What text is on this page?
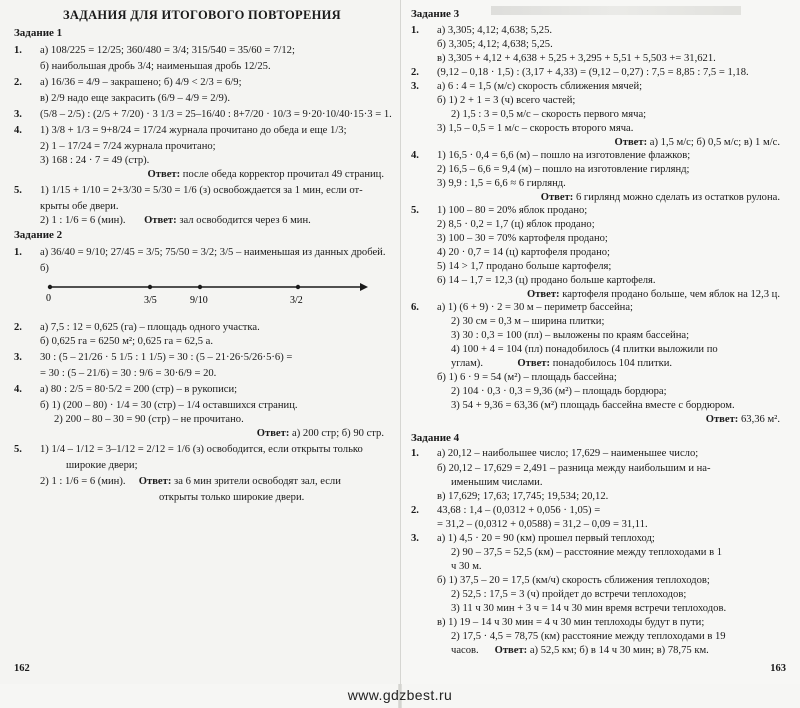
ЗАДАНИЯ ДЛЯ ИТОГОВОГО ПОВТОРЕНИЯ
Задание 1
1. а) 108/225 = 12/25; 360/480 = 3/4; 315/540 = 35/60 = 7/12;
б) наибольшая дробь 3/4; наименьшая дробь 12/25.
2. а) 16/36 = 4/9 – закрашено; б) 4/9 < 2/3 = 6/9;
в) 2/9 надо еще закрасить (6/9 – 4/9 = 2/9).
3. (5/8 – 2/5) : (2/5 + 7/20) · 3 1/3 = 25–16/40 : 8+7/20 · 10/3 = 9·20·10/40·15·3 = 1.
4. 1) 3/8 + 1/3 = 9+8/24 = 17/24 журнала прочитано до обеда и еще 1/3;
2) 1 – 17/24 = 7/24 журнала прочитано;
3) 168 : 24 · 7 = 49 (стр).
Ответ: после обеда корректор прочитал 49 страниц.
5. 1) 1/15 + 1/10 = 2+3/30 = 5/30 = 1/6 (з) освобождается за 1 мин, если от-
крыты обе двери.
2) 1 : 1/6 = 6 (мин). Ответ: зал освободится через 6 мин.
Задание 2
1. а) 36/40 = 9/10; 27/45 = 3/5; 75/50 = 3/2; 3/5 – наименьшая из данных дробей.
б)
0	3/5	9/10	3/2
2. а) 7,5 : 12 = 0,625 (га) – площадь одного участка.
б) 0,625 га = 6250 м²; 0,625 га = 62,5 а.
3. 30 : (5 – 21/26 · 5 1/5 : 1 1/5) = 30 : (5 – 21·26·5/26·5·6) =
= 30 : (5 – 21/6) = 30 : 9/6 = 30·6/9 = 20.
4. а) 80 : 2/5 = 80·5/2 = 200 (стр) – в рукописи;
б) 1) (200 – 80) · 1/4 = 30 (стр) – 1/4 оставшихся страниц.
2) 200 – 80 – 30 = 90 (стр) – не прочитано.
Ответ: а) 200 стр; б) 90 стр.
5. 1) 1/4 – 1/12 = 3–1/12 = 2/12 = 1/6 (з) освободится, если открыты только
широкие двери;
2) 1 : 1/6 = 6 (мин). Ответ: за 6 мин зрители освободят зал, если
открыты только широкие двери.
162
Задание 3
1. а) 3,305; 4,12; 4,638; 5,25.
б) 3,305; 4,12; 4,638; 5,25.
в) 3,305 + 4,12 + 4,638 + 5,25 + 3,295 + 5,51 + 5,503 += 31,621.
2. (9,12 – 0,18 · 1,5) : (3,17 + 4,33) = (9,12 – 0,27) : 7,5 = 8,85 : 7,5 = 1,18.
3. а) 6 : 4 = 1,5 (м/с) скорость сближения мячей;
б) 1) 2 + 1 = 3 (ч) всего частей;
2) 1,5 : 3 = 0,5 м/с – скорость первого мяча;
3) 1,5 – 0,5 = 1 м/с – скорость второго мяча.
Ответ: а) 1,5 м/с; б) 0,5 м/с; в) 1 м/с.
4. 1) 16,5 · 0,4 = 6,6 (м) – пошло на изготовление флажков;
2) 16,5 – 6,6 = 9,4 (м) – пошло на изготовление гирлянд;
3) 9,9 : 1,5 = 6,6 ≈ 6 гирлянд.
Ответ: 6 гирлянд можно сделать из остатков рулона.
5. 1) 100 – 80 = 20% яблок продано;
2) 8,5 · 0,2 = 1,7 (ц) яблок продано;
3) 100 – 30 = 70% картофеля продано;
4) 20 · 0,7 = 14 (ц) картофеля продано;
5) 14 > 1,7 продано больше картофеля;
6) 14 – 1,7 = 12,3 (ц) продано больше картофеля.
Ответ: картофеля продано больше, чем яблок на 12,3 ц.
6. а) 1) (6 + 9) · 2 = 30 м – периметр бассейна;
2) 30 см = 0,3 м – ширина плитки;
3) 30 : 0,3 = 100 (пл) – выложены по краям бассейна;
4) 100 + 4 = 104 (пл) понадобилось (4 плитки выложили по
углам).	Ответ: понадобилось 104 плитки.
б) 1) 6 · 9 = 54 (м²) – площадь бассейна;
2) 104 · 0,3 · 0,3 = 9,36 (м²) – площадь бордюра;
3) 54 + 9,36 = 63,36 (м²) площадь бассейна вместе с бордюром.
Ответ: 63,36 м².
Задание 4
1. а) 20,12 – наибольшее число; 17,629 – наименьшее число;
б) 20,12 – 17,629 = 2,491 – разница между наибольшим и на-
именьшим числами.
в) 17,629; 17,63; 17,745; 19,534; 20,12.
2. 43,68 : 1,4 – (0,0312 + 0,056 · 1,05) =
= 31,2 – (0,0312 + 0,0588) = 31,2 – 0,09 = 31,11.
3. а) 1) 4,5 · 20 = 90 (км) прошел первый теплоход;
2) 90 – 37,5 = 52,5 (км) – расстояние между теплоходами в 1
ч 30 м.
б) 1) 37,5 – 20 = 17,5 (км/ч) скорость сближения теплоходов;
2) 52,5 : 17,5 = 3 (ч) пройдет до встречи теплоходов;
3) 11 ч 30 мин + 3 ч = 14 ч 30 мин время встречи теплоходов.
в) 1) 19 – 14 ч 30 мин = 4 ч 30 мин теплоходы будут в пути;
2) 17,5 · 4,5 = 78,75 (км) расстояние между теплоходами в 19
часов. Ответ: а) 52,5 км; б) в 14 ч 30 мин; в) 78,75 км.
163
www.gdzbest.ru
